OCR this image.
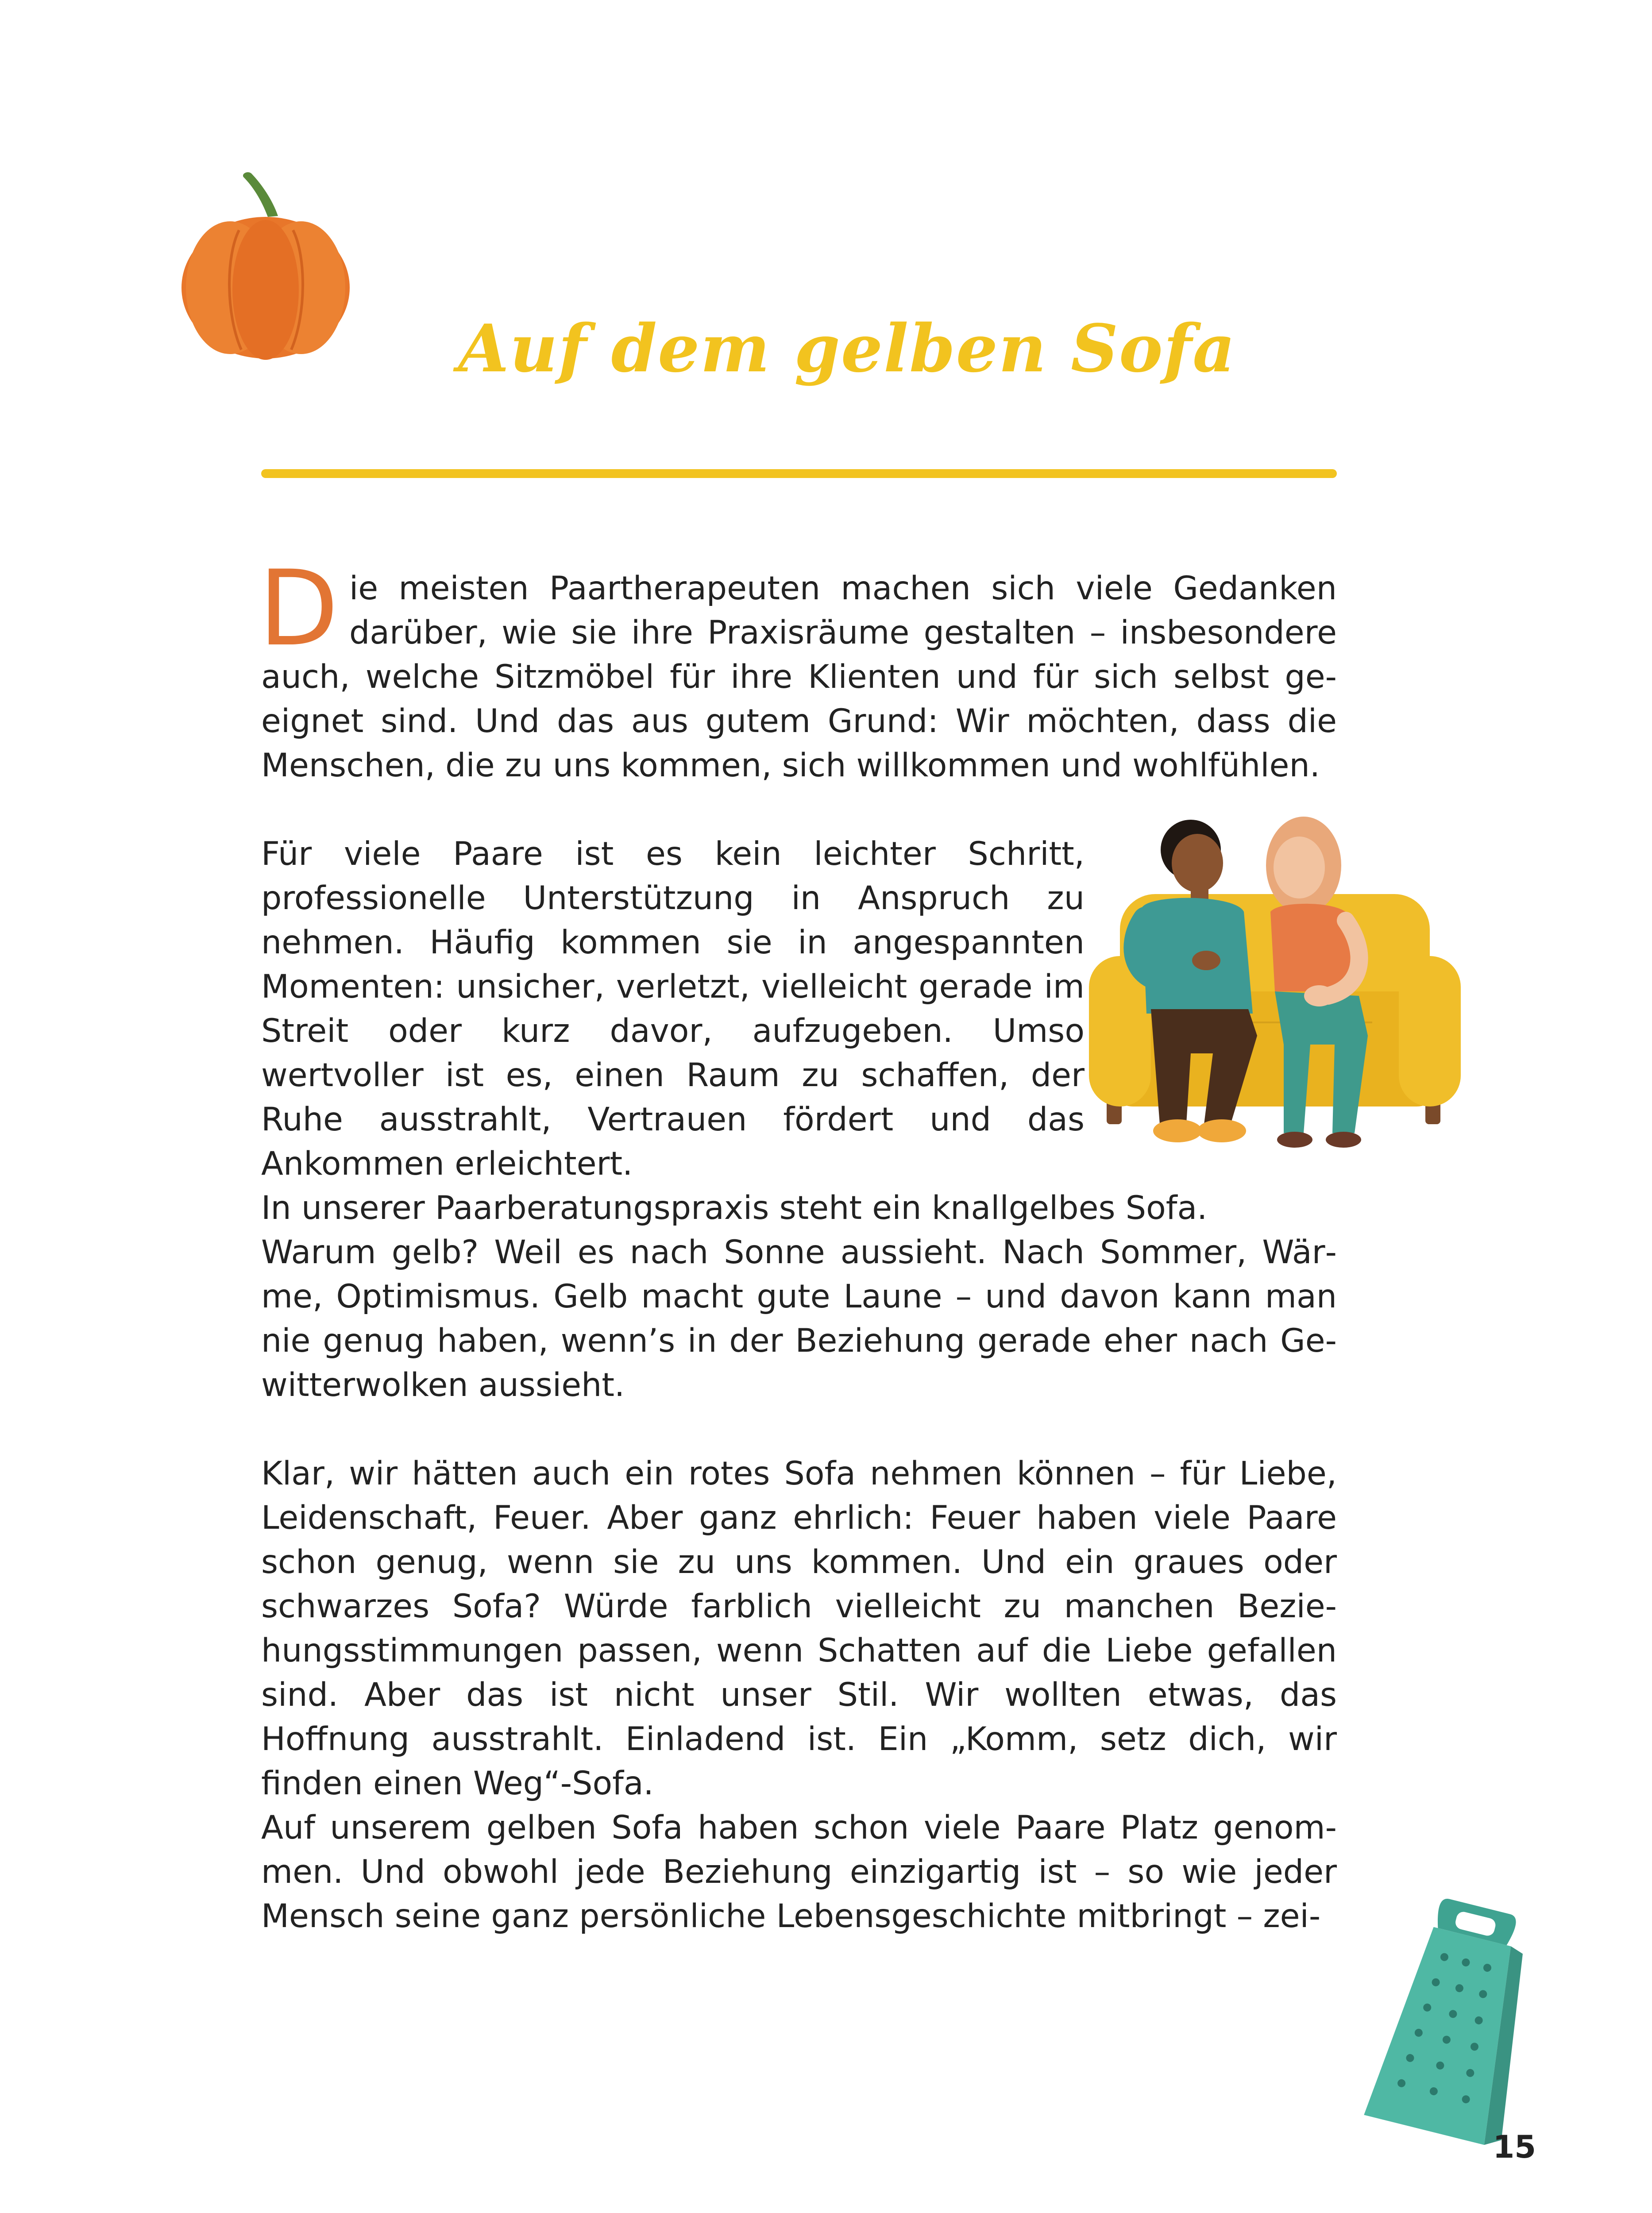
Auf dem gelben Sofa

Die meisten Paartherapeuten machen sich viele Gedanken darüber, wie sie ihre Praxisräume gestalten – insbesondere auch, welche Sitzmöbel für ihre Klienten und für sich selbst geeignet sind. Und das aus gutem Grund: Wir möchten, dass die Menschen, die zu uns kommen, sich willkommen und wohlfühlen.

Für viele Paare ist es kein leichter Schritt, professionelle Unterstützung in Anspruch zu nehmen. Häufig kommen sie in angespannten Momenten: unsicher, verletzt, vielleicht gerade im Streit oder kurz davor, aufzugeben. Umso wertvoller ist es, einen Raum zu schaffen, der Ruhe ausstrahlt, Vertrauen fördert und das Ankommen erleichtert.

In unserer Paarberatungspraxis steht ein knallgelbes Sofa.
Warum gelb? Weil es nach Sonne aussieht. Nach Sommer, Wärme, Optimismus. Gelb macht gute Laune – und davon kann man nie genug haben, wenn’s in der Beziehung gerade eher nach Gewitterwolken aussieht.

Klar, wir hätten auch ein rotes Sofa nehmen können – für Liebe, Leidenschaft, Feuer. Aber ganz ehrlich: Feuer haben viele Paare schon genug, wenn sie zu uns kommen. Und ein graues oder schwarzes Sofa? Würde farblich vielleicht zu manchen Beziehungsstimmungen passen, wenn Schatten auf die Liebe gefallen sind. Aber das ist nicht unser Stil. Wir wollten etwas, das Hoffnung ausstrahlt. Einladend ist. Ein „Komm, setz dich, wir finden einen Weg“-Sofa.

Auf unserem gelben Sofa haben schon viele Paare Platz genommen. Und obwohl jede Beziehung einzigartig ist – so wie jeder Mensch seine ganz persönliche Lebensgeschichte mitbringt – zei-

15
